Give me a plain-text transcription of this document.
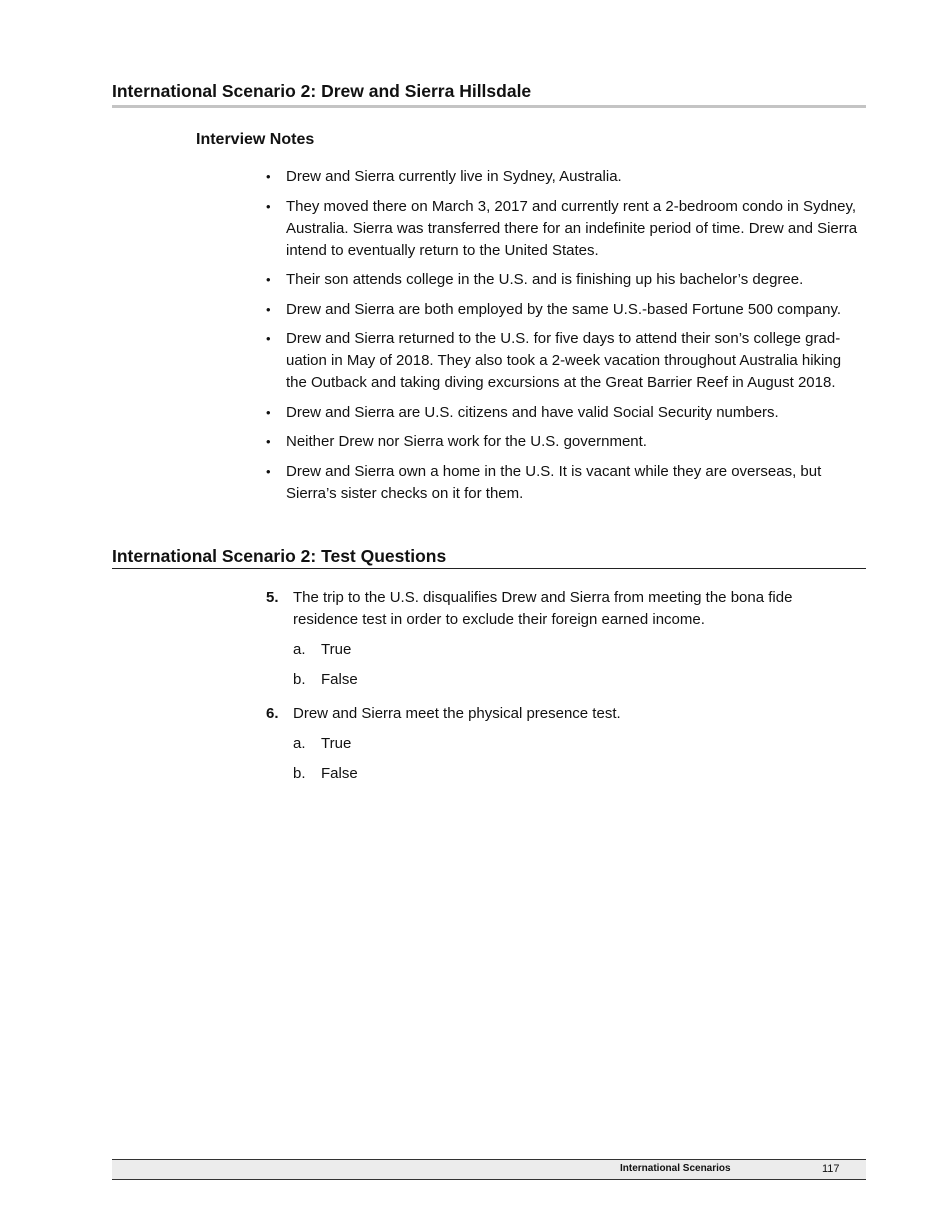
International Scenario 2: Drew and Sierra Hillsdale
Interview Notes
•	Drew and Sierra currently live in Sydney, Australia.
•	They moved there on March 3, 2017 and currently rent a 2-bedroom condo in Sydney, Australia. Sierra was transferred there for an indefinite period of time. Drew and Sierra intend to eventually return to the United States.
•	Their son attends college in the U.S. and is finishing up his bachelor’s degree.
•	Drew and Sierra are both employed by the same U.S.-based Fortune 500 company.
•	Drew and Sierra returned to the U.S. for five days to attend their son’s college graduation in May of 2018. They also took a 2-week vacation throughout Australia hiking the Outback and taking diving excursions at the Great Barrier Reef in August 2018.
•	Drew and Sierra are U.S. citizens and have valid Social Security numbers.
•	Neither Drew nor Sierra work for the U.S. government.
•	Drew and Sierra own a home in the U.S. It is vacant while they are overseas, but Sierra’s sister checks on it for them.
International Scenario 2: Test Questions
5. The trip to the U.S. disqualifies Drew and Sierra from meeting the bona fide residence test in order to exclude their foreign earned income.
a.	True
b.	False
6. Drew and Sierra meet the physical presence test.
a.	True
b.	False
International Scenarios	117
